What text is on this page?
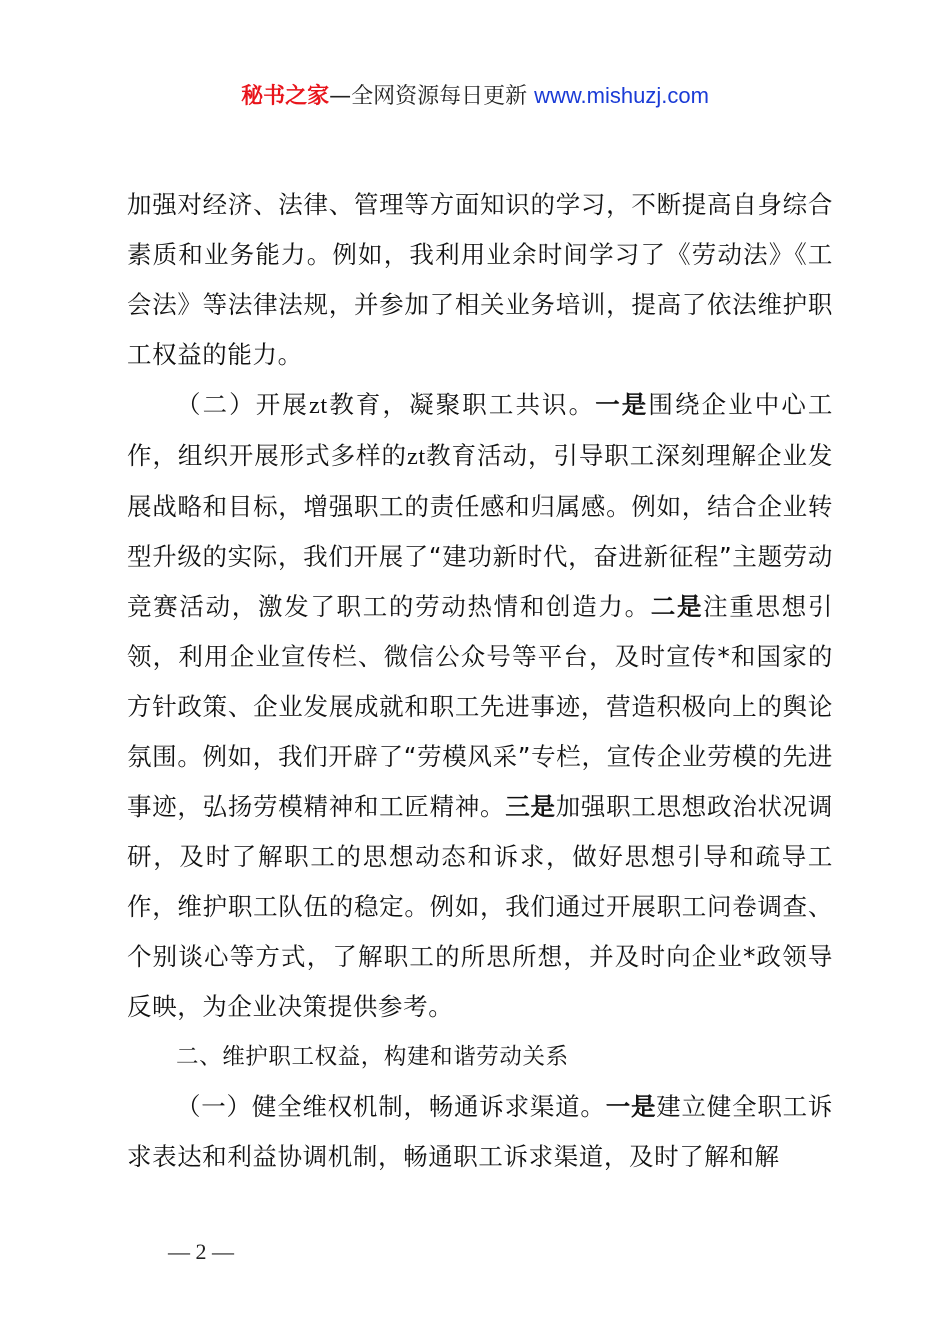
秘书之家—全网资源每日更新 www.mishuzj.com

加强对经济、法律、管理等方面知识的学习，不断提高自身综合素质和业务能力。例如，我利用业余时间学习了《劳动法》《工会法》等法律法规，并参加了相关业务培训，提高了依法维护职工权益的能力。

（二）开展zt教育，凝聚职工共识。一是围绕企业中心工作，组织开展形式多样的zt教育活动，引导职工深刻理解企业发展战略和目标，增强职工的责任感和归属感。例如，结合企业转型升级的实际，我们开展了“建功新时代，奋进新征程”主题劳动竞赛活动，激发了职工的劳动热情和创造力。二是注重思想引领，利用企业宣传栏、微信公众号等平台，及时宣传*和国家的方针政策、企业发展成就和职工先进事迹，营造积极向上的舆论氛围。例如，我们开辟了“劳模风采”专栏，宣传企业劳模的先进事迹，弘扬劳模精神和工匠精神。三是加强职工思想政治状况调研，及时了解职工的思想动态和诉求，做好思想引导和疏导工作，维护职工队伍的稳定。例如，我们通过开展职工问卷调查、个别谈心等方式，了解职工的所思所想，并及时向企业*政领导反映，为企业决策提供参考。

二、维护职工权益，构建和谐劳动关系

（一）健全维权机制，畅通诉求渠道。一是建立健全职工诉求表达和利益协调机制，畅通职工诉求渠道，及时了解和解

— 2 —
